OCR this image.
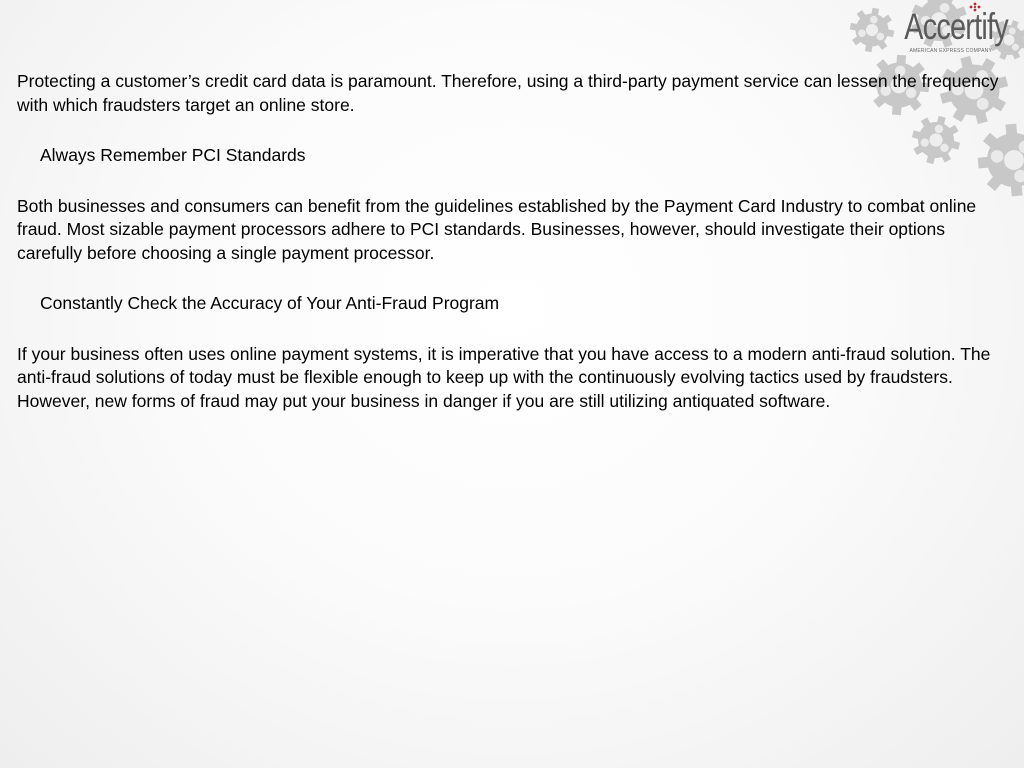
Accertify
AMERICAN EXPRESS COMPANY

Protecting a customer’s credit card data is paramount. Therefore, using a third-party payment service can lessen the frequency with which fraudsters target an online store.

Always Remember PCI Standards

Both businesses and consumers can benefit from the guidelines established by the Payment Card Industry to combat online fraud. Most sizable payment processors adhere to PCI standards. Businesses, however, should investigate their options carefully before choosing a single payment processor.

Constantly Check the Accuracy of Your Anti-Fraud Program

If your business often uses online payment systems, it is imperative that you have access to a modern anti-fraud solution. The anti-fraud solutions of today must be flexible enough to keep up with the continuously evolving tactics used by fraudsters. However, new forms of fraud may put your business in danger if you are still utilizing antiquated software.
